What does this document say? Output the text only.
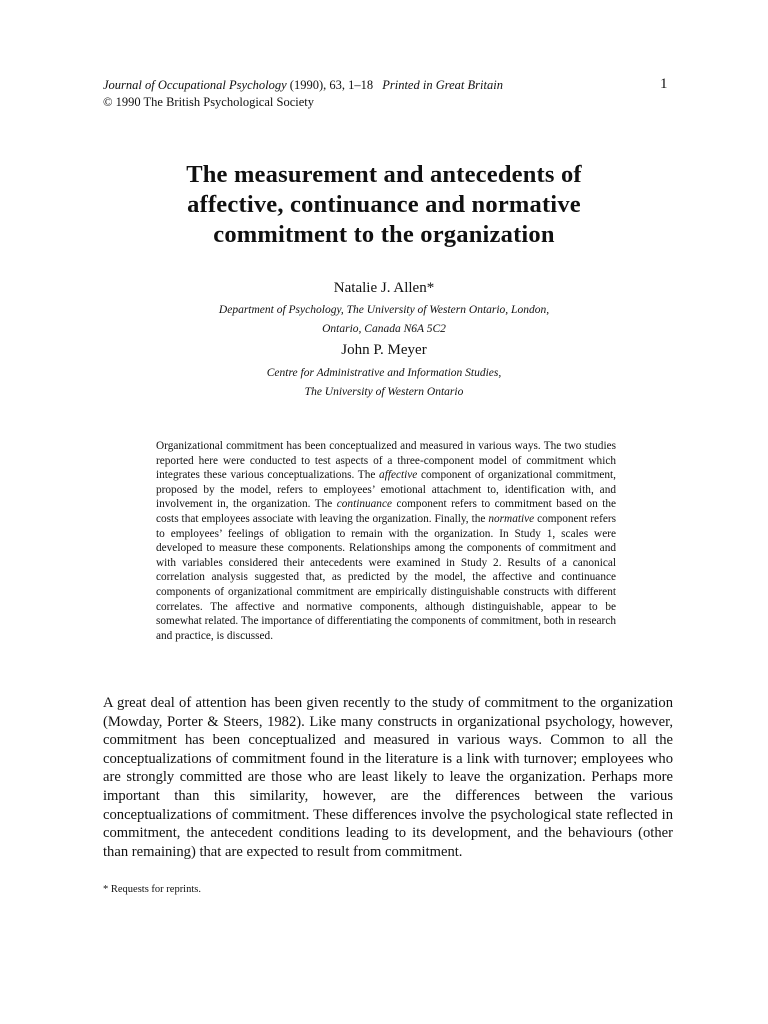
Journal of Occupational Psychology (1990), 63, 1–18 Printed in Great Britain
© 1990 The British Psychological Society
1
The measurement and antecedents of
affective, continuance and normative
commitment to the organization
Natalie J. Allen*
Department of Psychology, The University of Western Ontario, London,
Ontario, Canada N6A 5C2
John P. Meyer
Centre for Administrative and Information Studies,
The University of Western Ontario
Organizational commitment has been conceptualized and measured in various ways. The two studies reported here were conducted to test aspects of a three-component model of commitment which integrates these various conceptualizations. The affective component of organizational commitment, proposed by the model, refers to employees’ emotional attachment to, identification with, and involvement in, the organization. The continuance component refers to commitment based on the costs that employees associate with leaving the organization. Finally, the normative component refers to employees’ feelings of obligation to remain with the organization. In Study 1, scales were developed to measure these components. Relationships among the components of commitment and with variables considered their antecedents were examined in Study 2. Results of a canonical correlation analysis suggested that, as predicted by the model, the affective and continuance components of organizational commitment are empirically distinguishable constructs with different correlates. The affective and normative components, although distinguishable, appear to be somewhat related. The importance of differentiating the components of commitment, both in research and practice, is discussed.
A great deal of attention has been given recently to the study of commitment to the organization (Mowday, Porter & Steers, 1982). Like many constructs in organizational psychology, however, commitment has been conceptualized and measured in various ways. Common to all the conceptualizations of commitment found in the literature is a link with turnover; employees who are strongly committed are those who are least likely to leave the organization. Perhaps more important than this similarity, however, are the differences between the various conceptualizations of commitment. These differences involve the psychological state reflected in commitment, the antecedent conditions leading to its development, and the behaviours (other than remaining) that are expected to result from commitment.
* Requests for reprints.
